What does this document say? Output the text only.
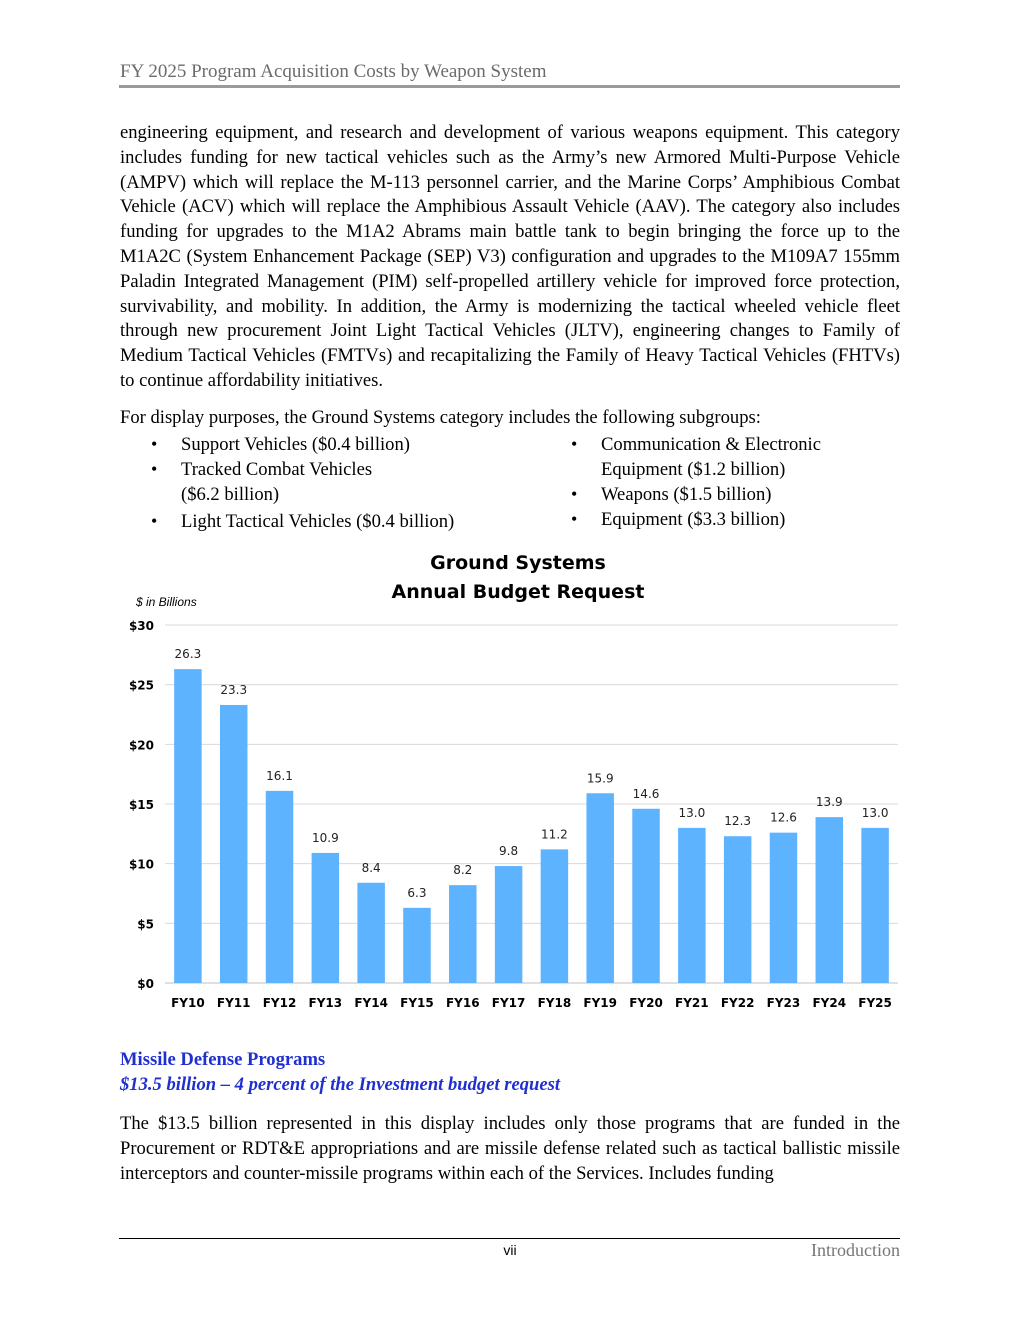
FY 2025 Program Acquisition Costs by Weapon System

engineering equipment, and research and development of various weapons equipment. This category includes funding for new tactical vehicles such as the Army’s new Armored Multi-Purpose Vehicle (AMPV) which will replace the M-113 personnel carrier, and the Marine Corps’ Amphibious Combat Vehicle (ACV) which will replace the Amphibious Assault Vehicle (AAV). The category also includes funding for upgrades to the M1A2 Abrams main battle tank to begin bringing the force up to the M1A2C (System Enhancement Package (SEP) V3) configuration and upgrades to the M109A7 155mm Paladin Integrated Management (PIM) self-propelled artillery vehicle for improved force protection, survivability, and mobility. In addition, the Army is modernizing the tactical wheeled vehicle fleet through new procurement Joint Light Tactical Vehicles (JLTV), engineering changes to Family of Medium Tactical Vehicles (FMTVs) and recapitalizing the Family of Heavy Tactical Vehicles (FHTVs) to continue affordability initiatives.

For display purposes, the Ground Systems category includes the following subgroups:

• Support Vehicles ($0.4 billion)
• Tracked Combat Vehicles ($6.2 billion)
• Light Tactical Vehicles ($0.4 billion)
• Communication & Electronic Equipment ($1.2 billion)
• Weapons ($1.5 billion)
• Equipment ($3.3 billion)
Ground Systems
Annual Budget Request
$ in Billions
$0
$5
$10
$15
$20
$25
$30
26.3
FY10
23.3
FY11
16.1
FY12
10.9
FY13
8.4
FY14
6.3
FY15
8.2
FY16
9.8
FY17
11.2
FY18
15.9
FY19
14.6
FY20
13.0
FY21
12.3
FY22
12.6
FY23
13.9
FY24
13.0
FY25
Missile Defense Programs
$13.5 billion – 4 percent of the Investment budget request

The $13.5 billion represented in this display includes only those programs that are funded in the Procurement or RDT&E appropriations and are missile defense related such as tactical ballistic missile interceptors and counter-missile programs within each of the Services. Includes funding

vii	Introduction
